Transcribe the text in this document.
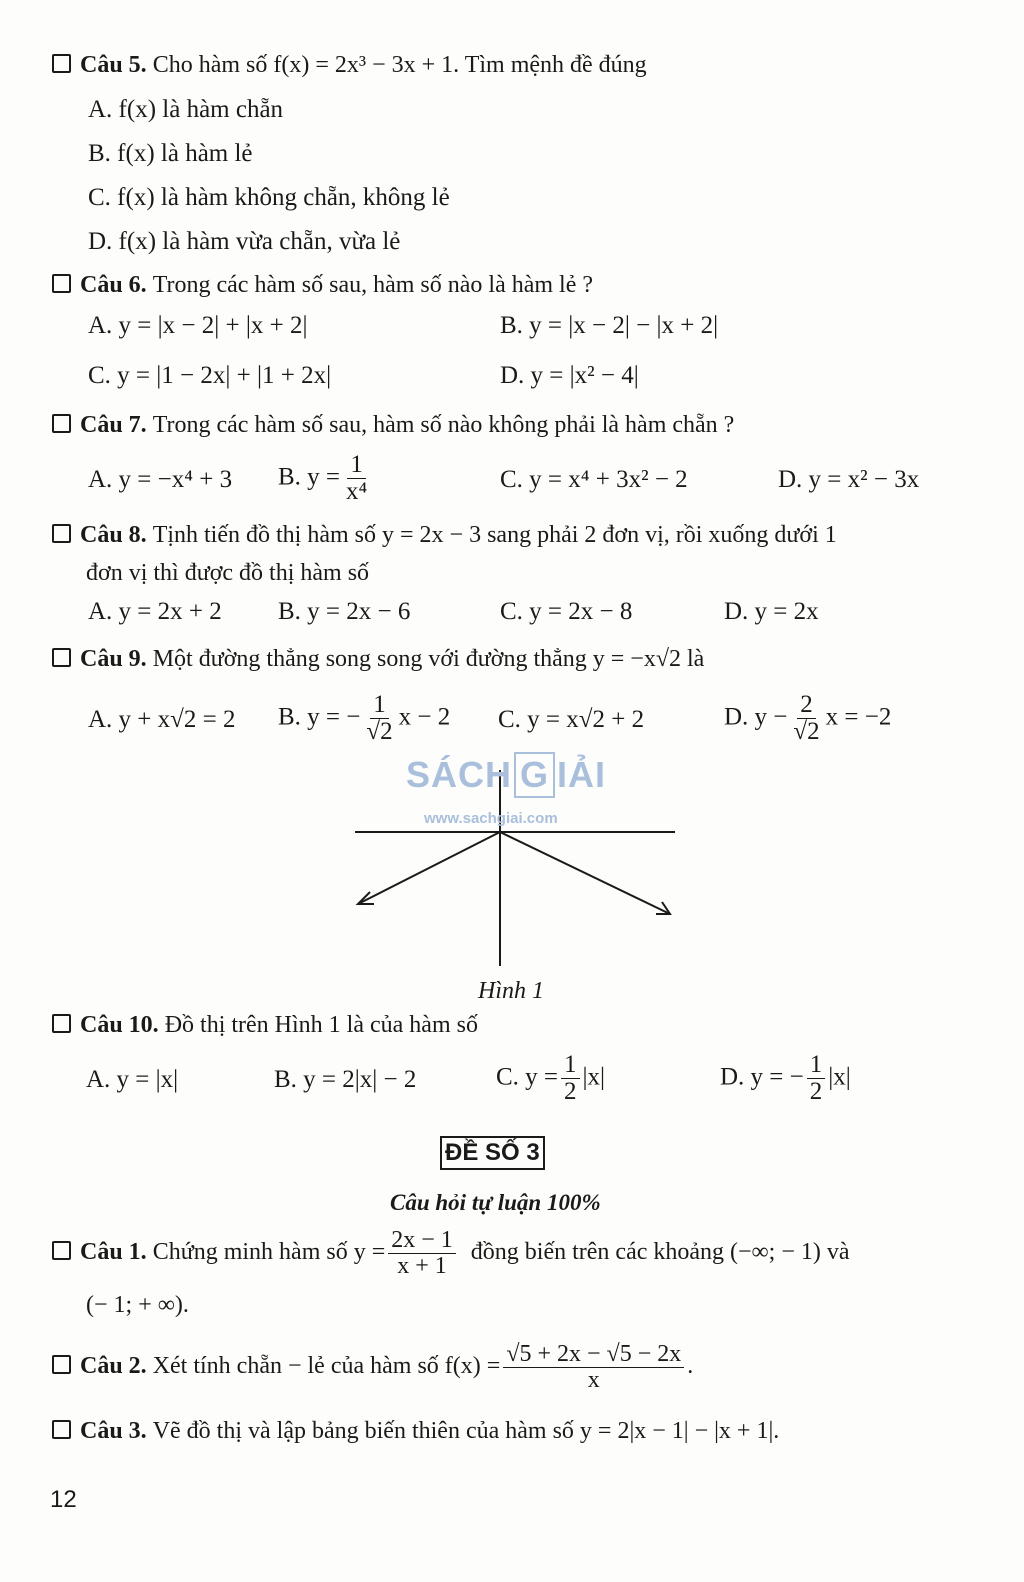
Câu 5. Cho hàm số f(x) = 2x³ − 3x + 1. Tìm mệnh đề đúng
A. f(x) là hàm chẵn
B. f(x) là hàm lẻ
C. f(x) là hàm không chẵn, không lẻ
D. f(x) là hàm vừa chẵn, vừa lẻ
Câu 6. Trong các hàm số sau, hàm số nào là hàm lẻ ?
A. y = |x − 2| + |x + 2|	B. y = |x − 2| − |x + 2|
C. y = |1 − 2x| + |1 + 2x|	D. y = |x² − 4|
Câu 7. Trong các hàm số sau, hàm số nào không phải là hàm chẵn ?
A. y = −x⁴ + 3 B. $y = \frac{1}{\text{x⁴}}$	C. y = x⁴ + 3x² − 2	D. y = x² − 3x
Câu 8. Tịnh tiến đồ thị hàm số y = 2x − 3 sang phải 2 đơn vị, rồi xuống dưới 1
đơn vị thì được đồ thị hàm số
A. y = 2x + 2 B. y = 2x − 6	C. y = 2x − 8	D. y = 2x
Câu 9. Một đường thẳng song song với đường thẳng y = −x√2 là
A. y + x√2 = 2 B. y = − $\frac{1}{√2}$ x − 2 C. y = x√2 + 2	D. $y - \frac{2}{√2}$ x = −2
SÁCH G IẢI
www.sachgiai.com
Hình 1
Câu 10. Đồ thị trên Hình 1 là của hàm số
A. y = |x|	B. y = 2|x| − 2	C. $y = \frac{1}{2} |x|$	D. y = − $\frac{1}{2} |x|$
ĐỀ SỐ 3
Câu hỏi tự luận 100%
Câu 1. Chứng minh hàm số $y = \frac{2x - 1}{x + 1}$ đồng biến trên các khoảng (−∞; − 1) và
(− 1; + ∞).
Câu 2. Xét tính chẵn − lẻ của hàm số $f(x) = \frac{√5 + 2x - √5 - 2x}{x}$ .
Câu 3. Vẽ đồ thị và lập bảng biến thiên của hàm số y = 2|x − 1| − |x + 1|.
12
